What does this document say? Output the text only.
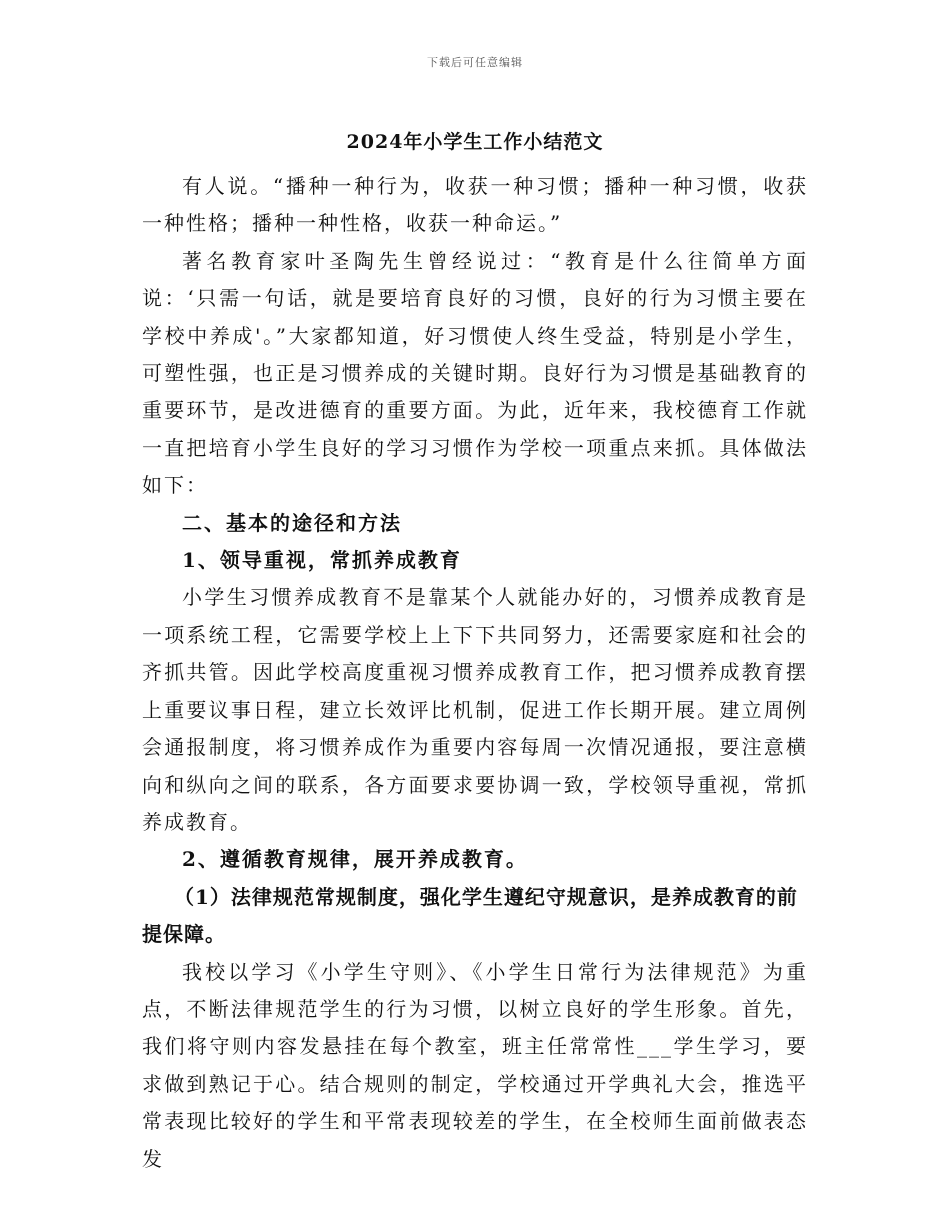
下载后可任意编辑
2024年小学生工作小结范文

有人说。“播种一种行为，收获一种习惯；播种一种习惯，收获一种性格；播种一种性格，收获一种命运。”

著名教育家叶圣陶先生曾经说过：“教育是什么往简单方面说：‘只需一句话，就是要培育良好的习惯，良好的行为习惯主要在学校中养成'。”大家都知道，好习惯使人终生受益，特别是小学生，可塑性强，也正是习惯养成的关键时期。良好行为习惯是基础教育的重要环节，是改进德育的重要方面。为此，近年来，我校德育工作就一直把培育小学生良好的学习习惯作为学校一项重点来抓。具体做法如下：

二、基本的途径和方法

1、领导重视，常抓养成教育

小学生习惯养成教育不是靠某个人就能办好的，习惯养成教育是一项系统工程，它需要学校上上下下共同努力，还需要家庭和社会的齐抓共管。因此学校高度重视习惯养成教育工作，把习惯养成教育摆上重要议事日程，建立长效评比机制，促进工作长期开展。建立周例会通报制度，将习惯养成作为重要内容每周一次情况通报，要注意横向和纵向之间的联系，各方面要求要协调一致，学校领导重视，常抓养成教育。

2、遵循教育规律，展开养成教育。

（1）法律规范常规制度，强化学生遵纪守规意识，是养成教育的前提保障。

我校以学习《小学生守则》、《小学生日常行为法律规范》为重点，不断法律规范学生的行为习惯，以树立良好的学生形象。首先，我们将守则内容发悬挂在每个教室，班主任常常性___学生学习，要求做到熟记于心。结合规则的制定，学校通过开学典礼大会，推选平常表现比较好的学生和平常表现较差的学生，在全校师生面前做表态发
